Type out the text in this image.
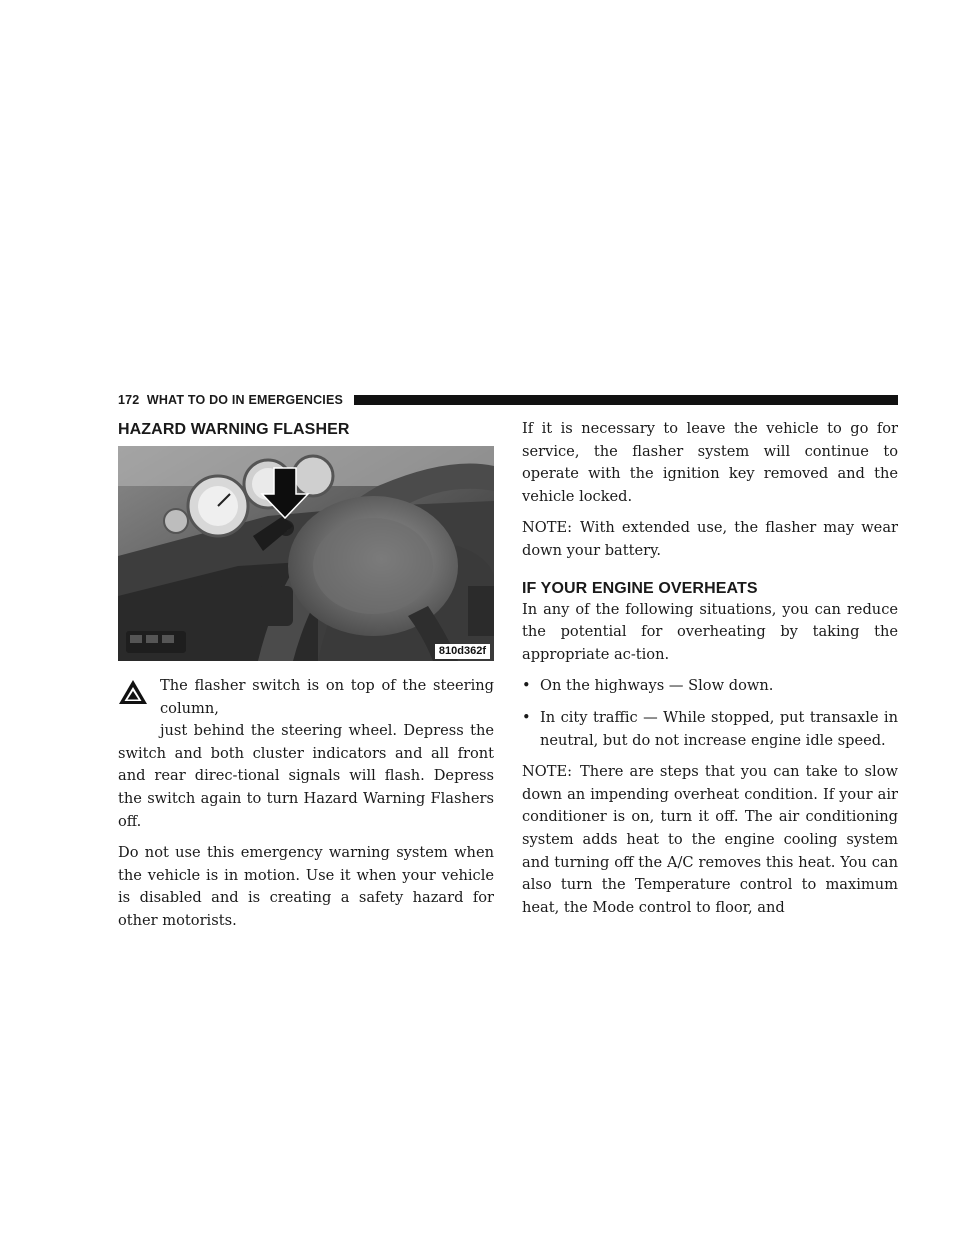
172 WHAT TO DO IN EMERGENCIES
HAZARD WARNING FLASHER
810d362f

The flasher switch is on top of the steering column,

just behind the steering wheel. Depress the switch and both cluster indicators and all front and rear direc-tional signals will flash. Depress the switch again to turn Hazard Warning Flashers off.

Do not use this emergency warning system when the vehicle is in motion. Use it when your vehicle is disabled and is creating a safety hazard for other motorists.

If it is necessary to leave the vehicle to go for service, the flasher system will continue to operate with the ignition key removed and the vehicle locked.

NOTE: With extended use, the flasher may wear down your battery.

IF YOUR ENGINE OVERHEATS

In any of the following situations, you can reduce the potential for overheating by taking the appropriate ac-tion.

• On the highways — Slow down.
• In city traffic — While stopped, put transaxle in neutral, but do not increase engine idle speed.

NOTE: There are steps that you can take to slow down an impending overheat condition. If your air conditioner is on, turn it off. The air conditioning system adds heat to the engine cooling system and turning off the A/C removes this heat. You can also turn the Temperature control to maximum heat, the Mode control to floor, and
